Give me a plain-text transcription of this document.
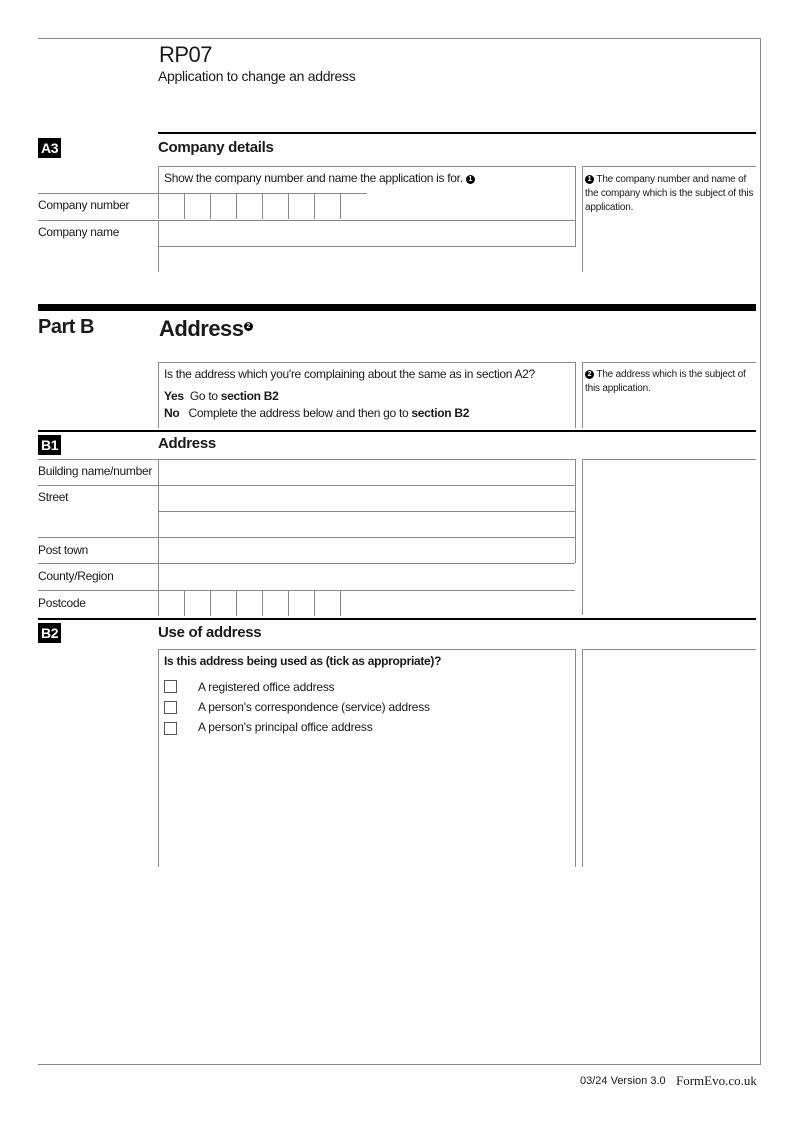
RP07
Application to change an address
A3	Company details
Show the company number and name the application is for. 1	1 The company number and name of the company which is the subject of this application.
Company number
Company name
Part B	Address 2
Is the address which you're complaining about the same as in section A2?
Yes Go to section B2
No Complete the address below and then go to section B2
2 The address which is the subject of this application.
B1	Address
Building name/number
Street
Post town
County/Region
Postcode
B2	Use of address
Is this address being used as (tick as appropriate)?
A registered office address
A person's correspondence (service) address
A person's principal office address
03/24 Version 3.0 FormEvo.co.uk
